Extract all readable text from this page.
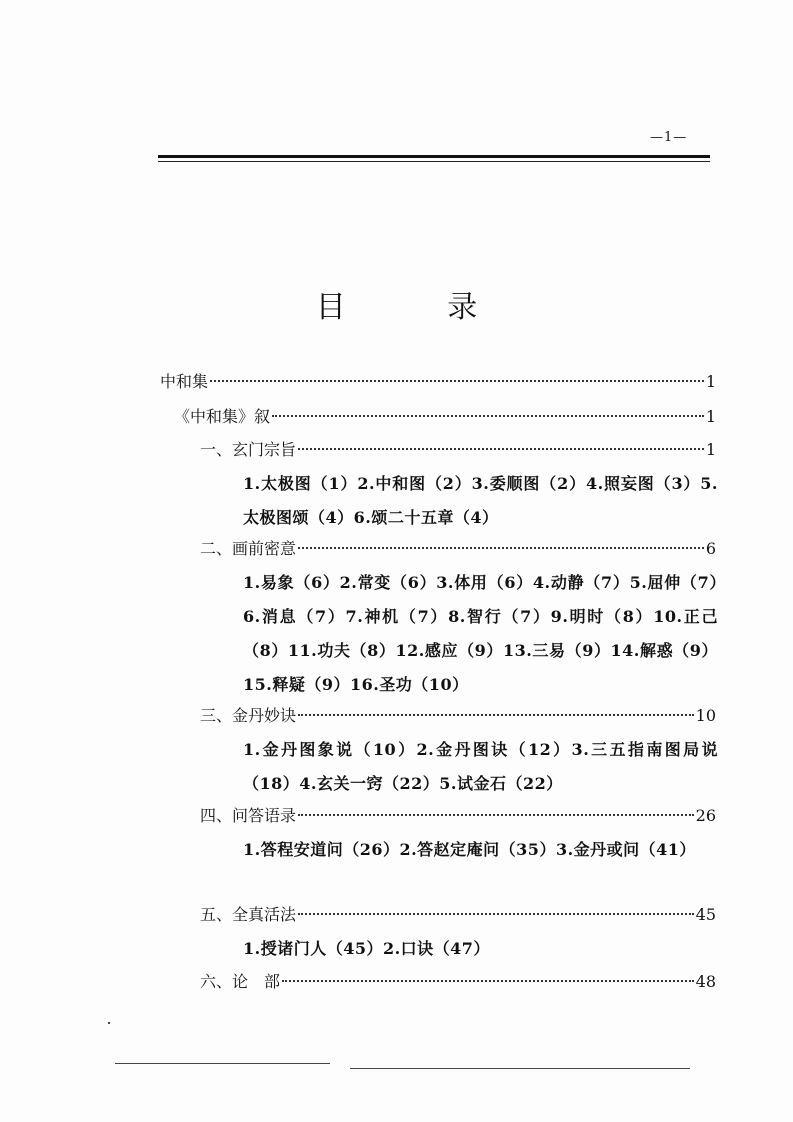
—1—
目 录
中和集	1
《中和集》叙	1
一、玄门宗旨	1
1.太极图（1）2.中和图（2）3.委顺图（2）4.照妄图（3）5.太极图颂（4）6.颂二十五章（4）
二、画前密意	6
1.易象（6）2.常变（6）3.体用（6）4.动静（7）5.屈伸（7）6.消息（7）7.神机（7）8.智行（7）9.明时（8）10.正己（8）11.功夫（8）12.感应（9）13.三易（9）14.解惑（9）15.释疑（9）16.圣功（10）
三、金丹妙诀	10
1.金丹图象说（10）2.金丹图诀（12）3.三五指南图局说（18）4.玄关一窍（22）5.试金石（22）
四、问答语录	26
1.答程安道问（26）2.答赵定庵问（35）3.金丹或问（41）
五、全真活法	45
1.授诸门人（45）2.口诀（47）
六、论　部	48
